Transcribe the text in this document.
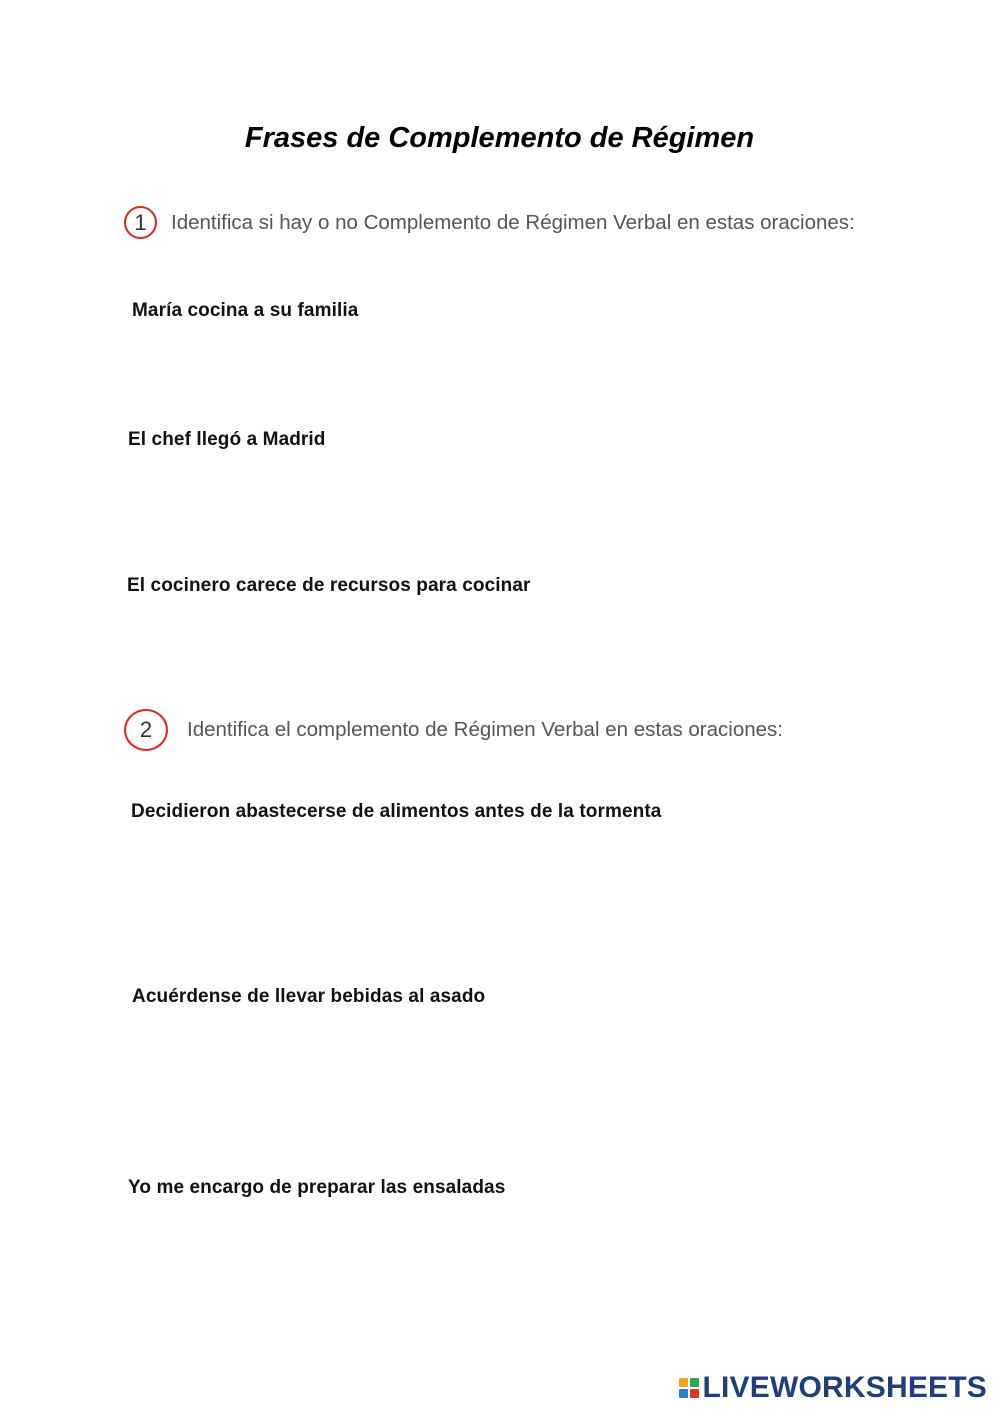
Frases de Complemento de Régimen
1	Identifica si hay o no Complemento de Régimen Verbal en estas oraciones:
María cocina a su familia
El chef llegó a Madrid
El cocinero carece de recursos para cocinar
2	Identifica el complemento de Régimen Verbal en estas oraciones:
Decidieron abastecerse de alimentos antes de la tormenta
Acuérdense de llevar bebidas al asado
Yo me encargo de preparar las ensaladas
LIVEWORKSHEETS
